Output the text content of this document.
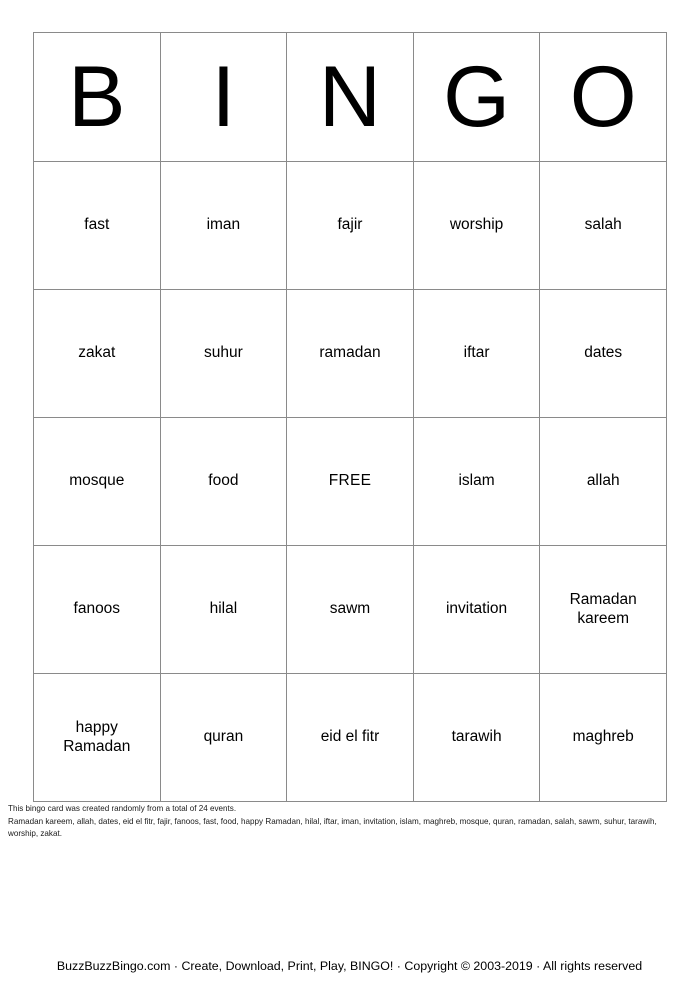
B	I	N	G	O

fast	iman	fajir	worship	salah

zakat	suhur	ramadan	iftar	dates

mosque	food	FREE	islam	allah

fanoos	hilal	sawm	invitation	Ramadan kareem

happy Ramadan	quran	eid el fitr	tarawih	maghreb
This bingo card was created randomly from a total of 24 events.
Ramadan kareem, allah, dates, eid el fitr, fajir, fanoos, fast, food, happy Ramadan, hilal, iftar, iman, invitation, islam, maghreb, mosque, quran, ramadan, salah, sawm, suhur, tarawih, worship, zakat.
BuzzBuzzBingo.com · Create, Download, Print, Play, BINGO! · Copyright © 2003-2019 · All rights reserved
